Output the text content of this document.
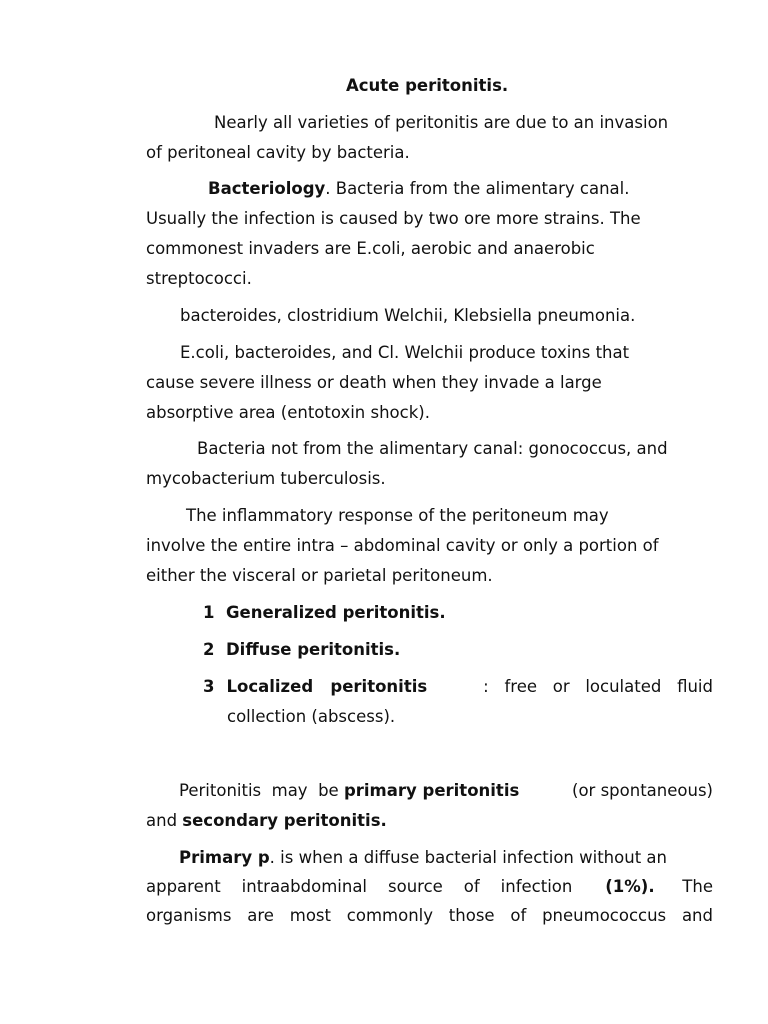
Acute peritonitis.
Nearly all varieties of peritonitis are due to an invasion
of peritoneal cavity by bacteria.
Bacteriology. Bacteria from the alimentary canal.
Usually the infection is caused by two ore more strains. The
commonest invaders are E.coli, aerobic and anaerobic
streptococci.
bacteroides, clostridium Welchii, Klebsiella pneumonia.
E.coli, bacteroides, and Cl. Welchii produce toxins that
cause severe illness or death when they invade a large
absorptive area (entotoxin shock).
Bacteria not from the alimentary canal: gonococcus, and
mycobacterium tuberculosis.
The inflammatory response of the peritoneum may
involve the entire intra – abdominal cavity or only a portion of
either the visceral or parietal peritoneum.
1 Generalized peritonitis.
2 Diffuse peritonitis.
3 Localized   peritonitis :   free   or   loculated   fluid
collection (abscess).
Peritonitis  may  be primary peritonitis	(or spontaneous)
and secondary peritonitis.
Primary p. is when a diffuse bacterial infection without an
apparent    intraabdominal    source    of    infection (1%). The
organisms are most commonly those of pneumococcus and
